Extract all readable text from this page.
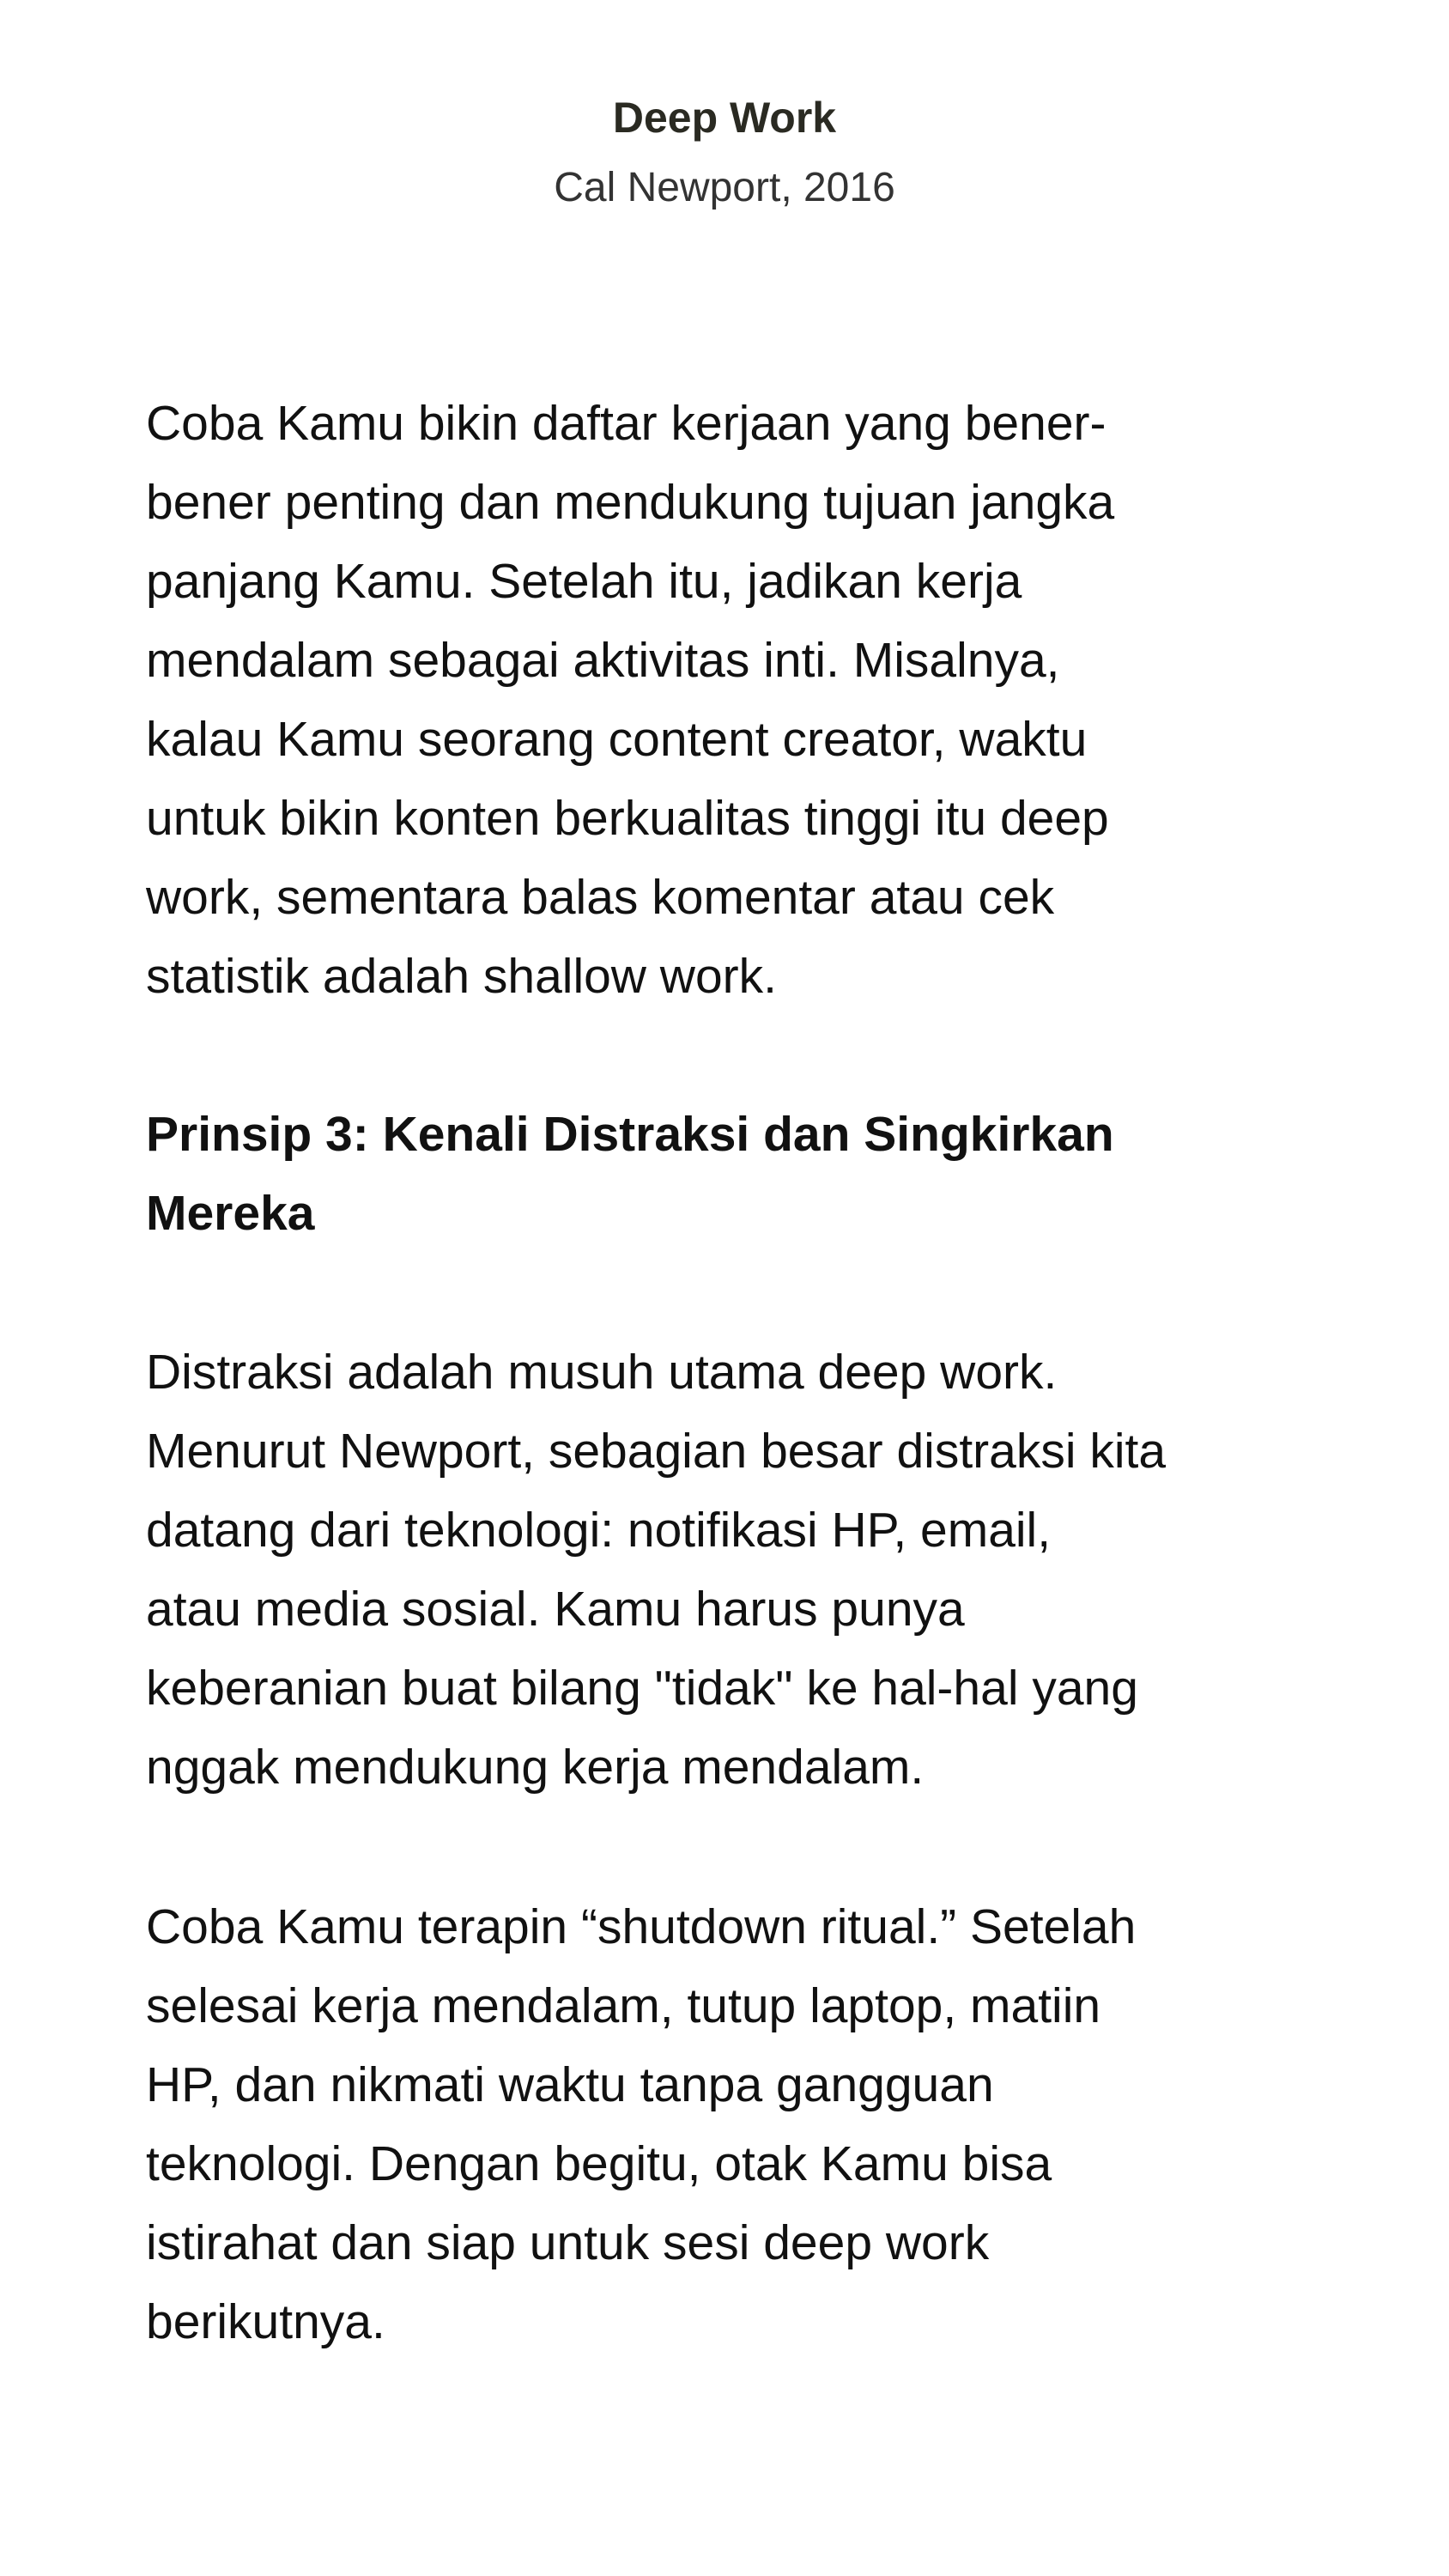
Deep Work
Cal Newport, 2016
Coba Kamu bikin daftar kerjaan yang bener-
bener penting dan mendukung tujuan jangka
panjang Kamu. Setelah itu, jadikan kerja
mendalam sebagai aktivitas inti. Misalnya,
kalau Kamu seorang content creator, waktu
untuk bikin konten berkualitas tinggi itu deep
work, sementara balas komentar atau cek
statistik adalah shallow work.
Prinsip 3: Kenali Distraksi dan Singkirkan
Mereka
Distraksi adalah musuh utama deep work.
Menurut Newport, sebagian besar distraksi kita
datang dari teknologi: notifikasi HP, email,
atau media sosial. Kamu harus punya
keberanian buat bilang "tidak" ke hal-hal yang
nggak mendukung kerja mendalam.
Coba Kamu terapin “shutdown ritual.” Setelah
selesai kerja mendalam, tutup laptop, matiin
HP, dan nikmati waktu tanpa gangguan
teknologi. Dengan begitu, otak Kamu bisa
istirahat dan siap untuk sesi deep work
berikutnya.
